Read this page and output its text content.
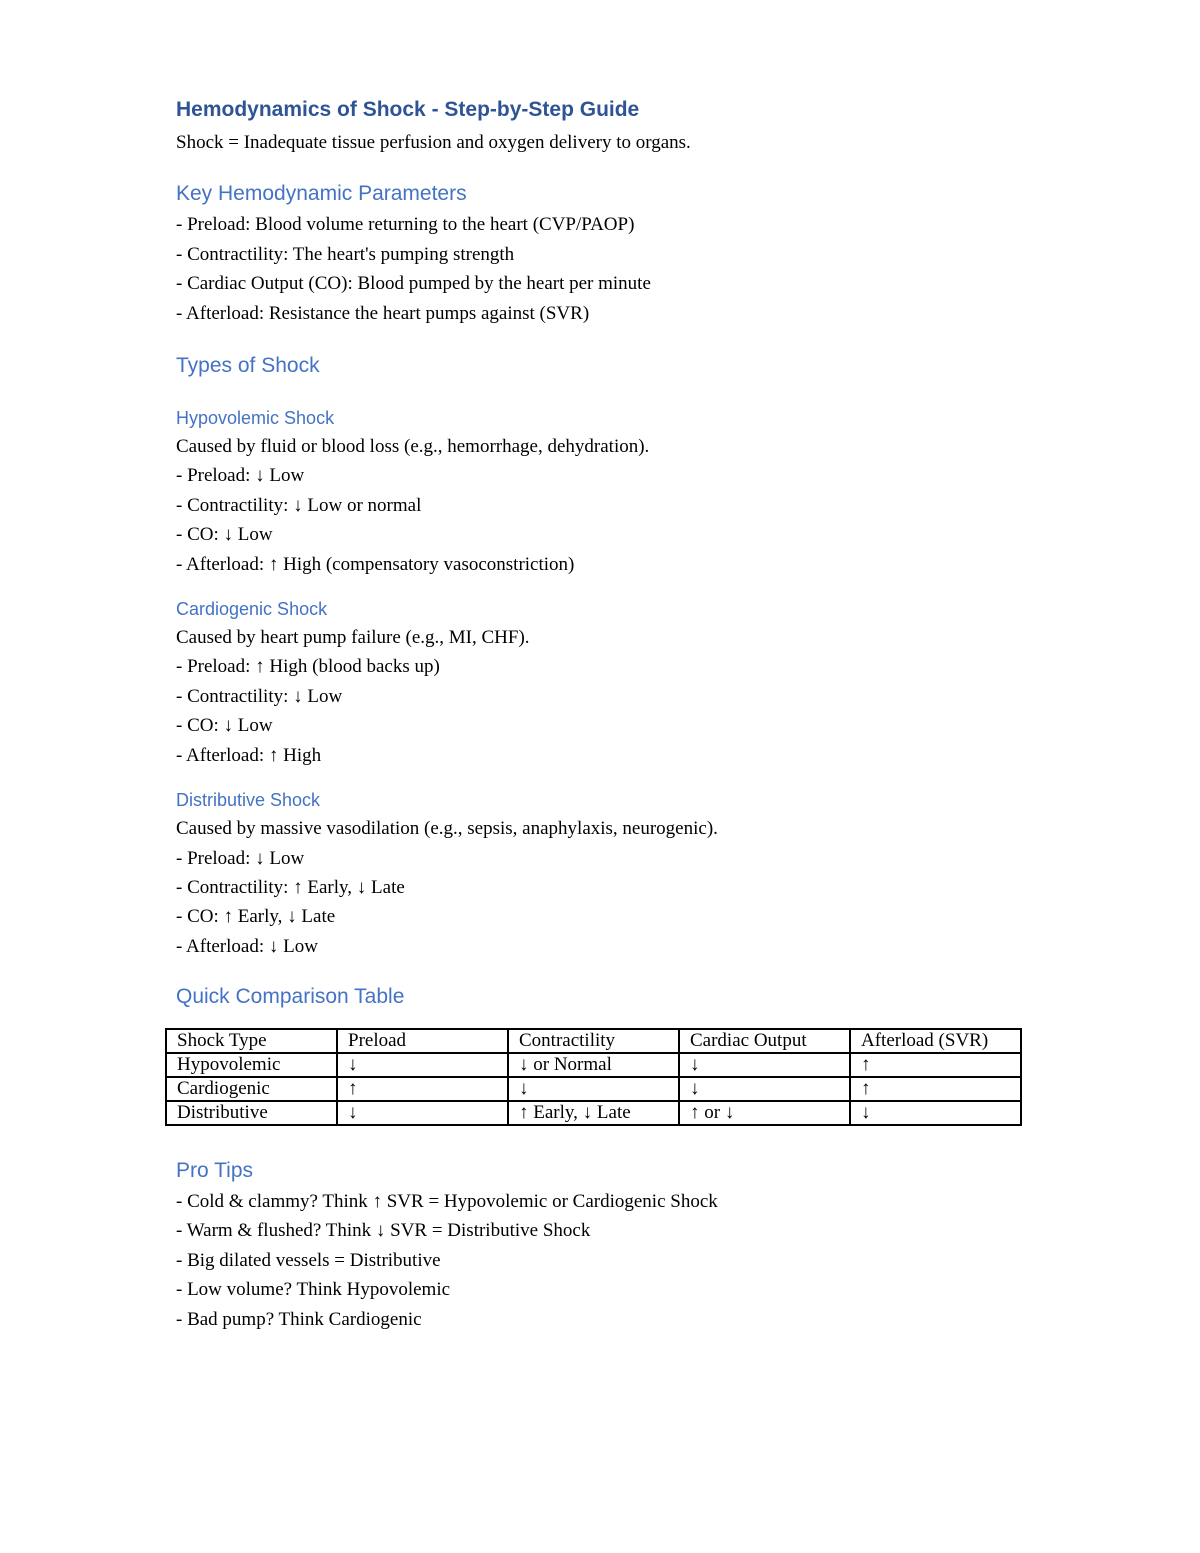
Hemodynamics of Shock - Step-by-Step Guide

Shock = Inadequate tissue perfusion and oxygen delivery to organs.

Key Hemodynamic Parameters

- Preload: Blood volume returning to the heart (CVP/PAOP)

- Contractility: The heart's pumping strength

- Cardiac Output (CO): Blood pumped by the heart per minute

- Afterload: Resistance the heart pumps against (SVR)

Types of Shock
Hypovolemic Shock

Caused by fluid or blood loss (e.g., hemorrhage, dehydration).

- Preload: ↓ Low

- Contractility: ↓ Low or normal

- CO: ↓ Low

- Afterload: ↑ High (compensatory vasoconstriction)

Cardiogenic Shock

Caused by heart pump failure (e.g., MI, CHF).

- Preload: ↑ High (blood backs up)

- Contractility: ↓ Low

- CO: ↓ Low

- Afterload: ↑ High

Distributive Shock

Caused by massive vasodilation (e.g., sepsis, anaphylaxis, neurogenic).

- Preload: ↓ Low

- Contractility: ↑ Early, ↓ Late

- CO: ↑ Early, ↓ Late

- Afterload: ↓ Low

Quick Comparison Table
Shock Type	Preload	Contractility	Cardiac Output	Afterload (SVR)
Hypovolemic	↓	↓ or Normal	↓	↑
Cardiogenic	↑	↓	↓	↑
Distributive	↓	↑ Early, ↓ Late	↑ or ↓	↓
Pro Tips

- Cold & clammy? Think ↑ SVR = Hypovolemic or Cardiogenic Shock

- Warm & flushed? Think ↓ SVR = Distributive Shock

- Big dilated vessels = Distributive

- Low volume? Think Hypovolemic

- Bad pump? Think Cardiogenic
